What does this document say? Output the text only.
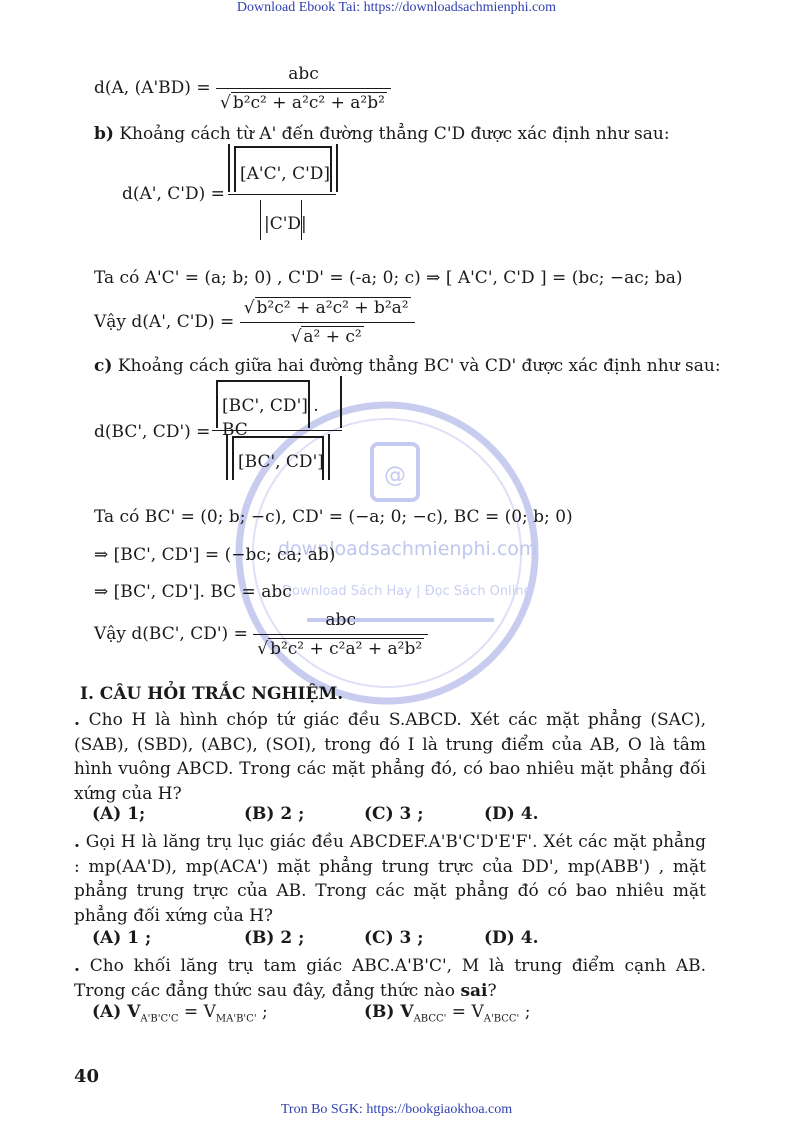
Download Ebook Tai: https://downloadsachmienphi.com
Tron Bo SGK: https://bookgiaokhoa.com
@
downloadsachmienphi.com
Download Sách Hay | Đọc Sách Online
d(A, $(A'BD) = \frac{\text{abc}}{\text{√ b²c² + a²c² + a²b²}}$
b) Khoảng cách từ A' đến đường thẳng C'D được xác định như sau:
d(A', C'D) =
[A'C', C'D]
|C'D|
Ta có A'C' = (a; b; 0) , C'D' = (-a; 0; c) ⇒ [ A'C', C'D ] = (bc; −ac; ba)
Vậy d(A', $C'D) = \frac{\text{√ b²c² + a²c² + b²a²}}{\text{√ a² + c²}}$
c) Khoảng cách giữa hai đường thẳng BC' và CD' được xác định như sau:
d(BC', CD') =
[BC', CD'] . BC
[BC', CD']
Ta có BC' = (0; b; −c), CD' = (−a; 0; −c), BC = (0; b; 0)
⇒ [BC', CD'] = (−bc; ca; ab)
⇒ [BC', CD']. BC = abc
Vậy d(BC', $CD') = \frac{\text{abc}}{\text{√ b²c² + c²a² + a²b²}}$
I. CÂU HỎI TRẮC NGHIỆM.
. Cho H là hình chóp tứ giác đều S.ABCD. Xét các mặt phẳng (SAC), (SAB), (SBD), (ABC), (SOI), trong đó I là trung điểm của AB, O là tâm hình vuông ABCD. Trong các mặt phẳng đó, có bao nhiêu mặt phẳng đối xứng của H?
(A) 1;	(B) 2 ;	(C) 3 ;	(D) 4.
. Gọi H là lăng trụ lục giác đều ABCDEF.A'B'C'D'E'F'. Xét các mặt phẳng : mp(AA'D), mp(ACA') mặt phẳng trung trực của DD', mp(ABB') , mặt phẳng trung trực của AB. Trong các mặt phẳng đó có bao nhiêu mặt phẳng đối xứng của H?
(A) 1 ;	(B) 2 ;	(C) 3 ;	(D) 4.
. Cho khối lăng trụ tam giác ABC.A'B'C', M là trung điểm cạnh AB. Trong các đẳng thức sau đây, đẳng thức nào sai?
(A) $V_{A'B'C'C} = V_{MA'B'C'}$ ;	(B) $V_{ABCC'} = V_{A'BCC'}$ ;
40
